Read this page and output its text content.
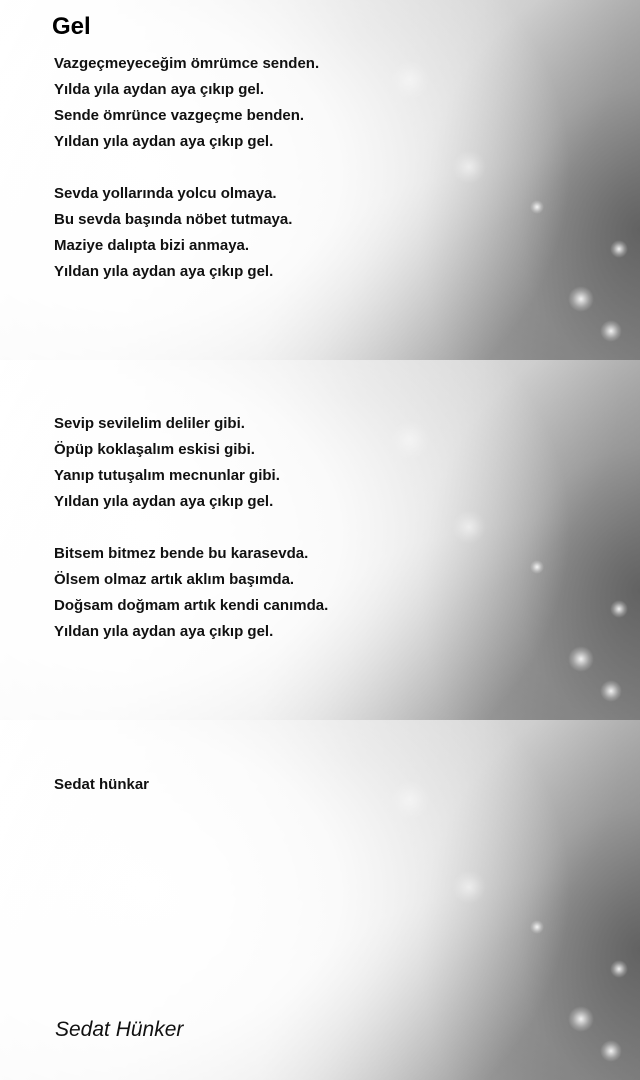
Gel
Vazgeçmeyeceğim ömrümce senden.
Yılda yıla aydan aya çıkıp gel.
Sende ömrünce vazgeçme benden.
Yıldan yıla aydan aya çıkıp gel.
Sevda yollarında yolcu olmaya.
Bu sevda başında nöbet tutmaya.
Maziye dalıpta bizi anmaya.
Yıldan yıla aydan aya çıkıp gel.
Sevip sevilelim deliler gibi.
Öpüp koklaşalım eskisi gibi.
Yanıp tutuşalım mecnunlar gibi.
Yıldan yıla aydan aya çıkıp gel.
Bitsem bitmez bende bu karasevda.
Ölsem olmaz artık aklım başımda.
Doğsam doğmam artık kendi canımda.
Yıldan yıla aydan aya çıkıp gel.
Sedat hünkar
Sedat Hünker
